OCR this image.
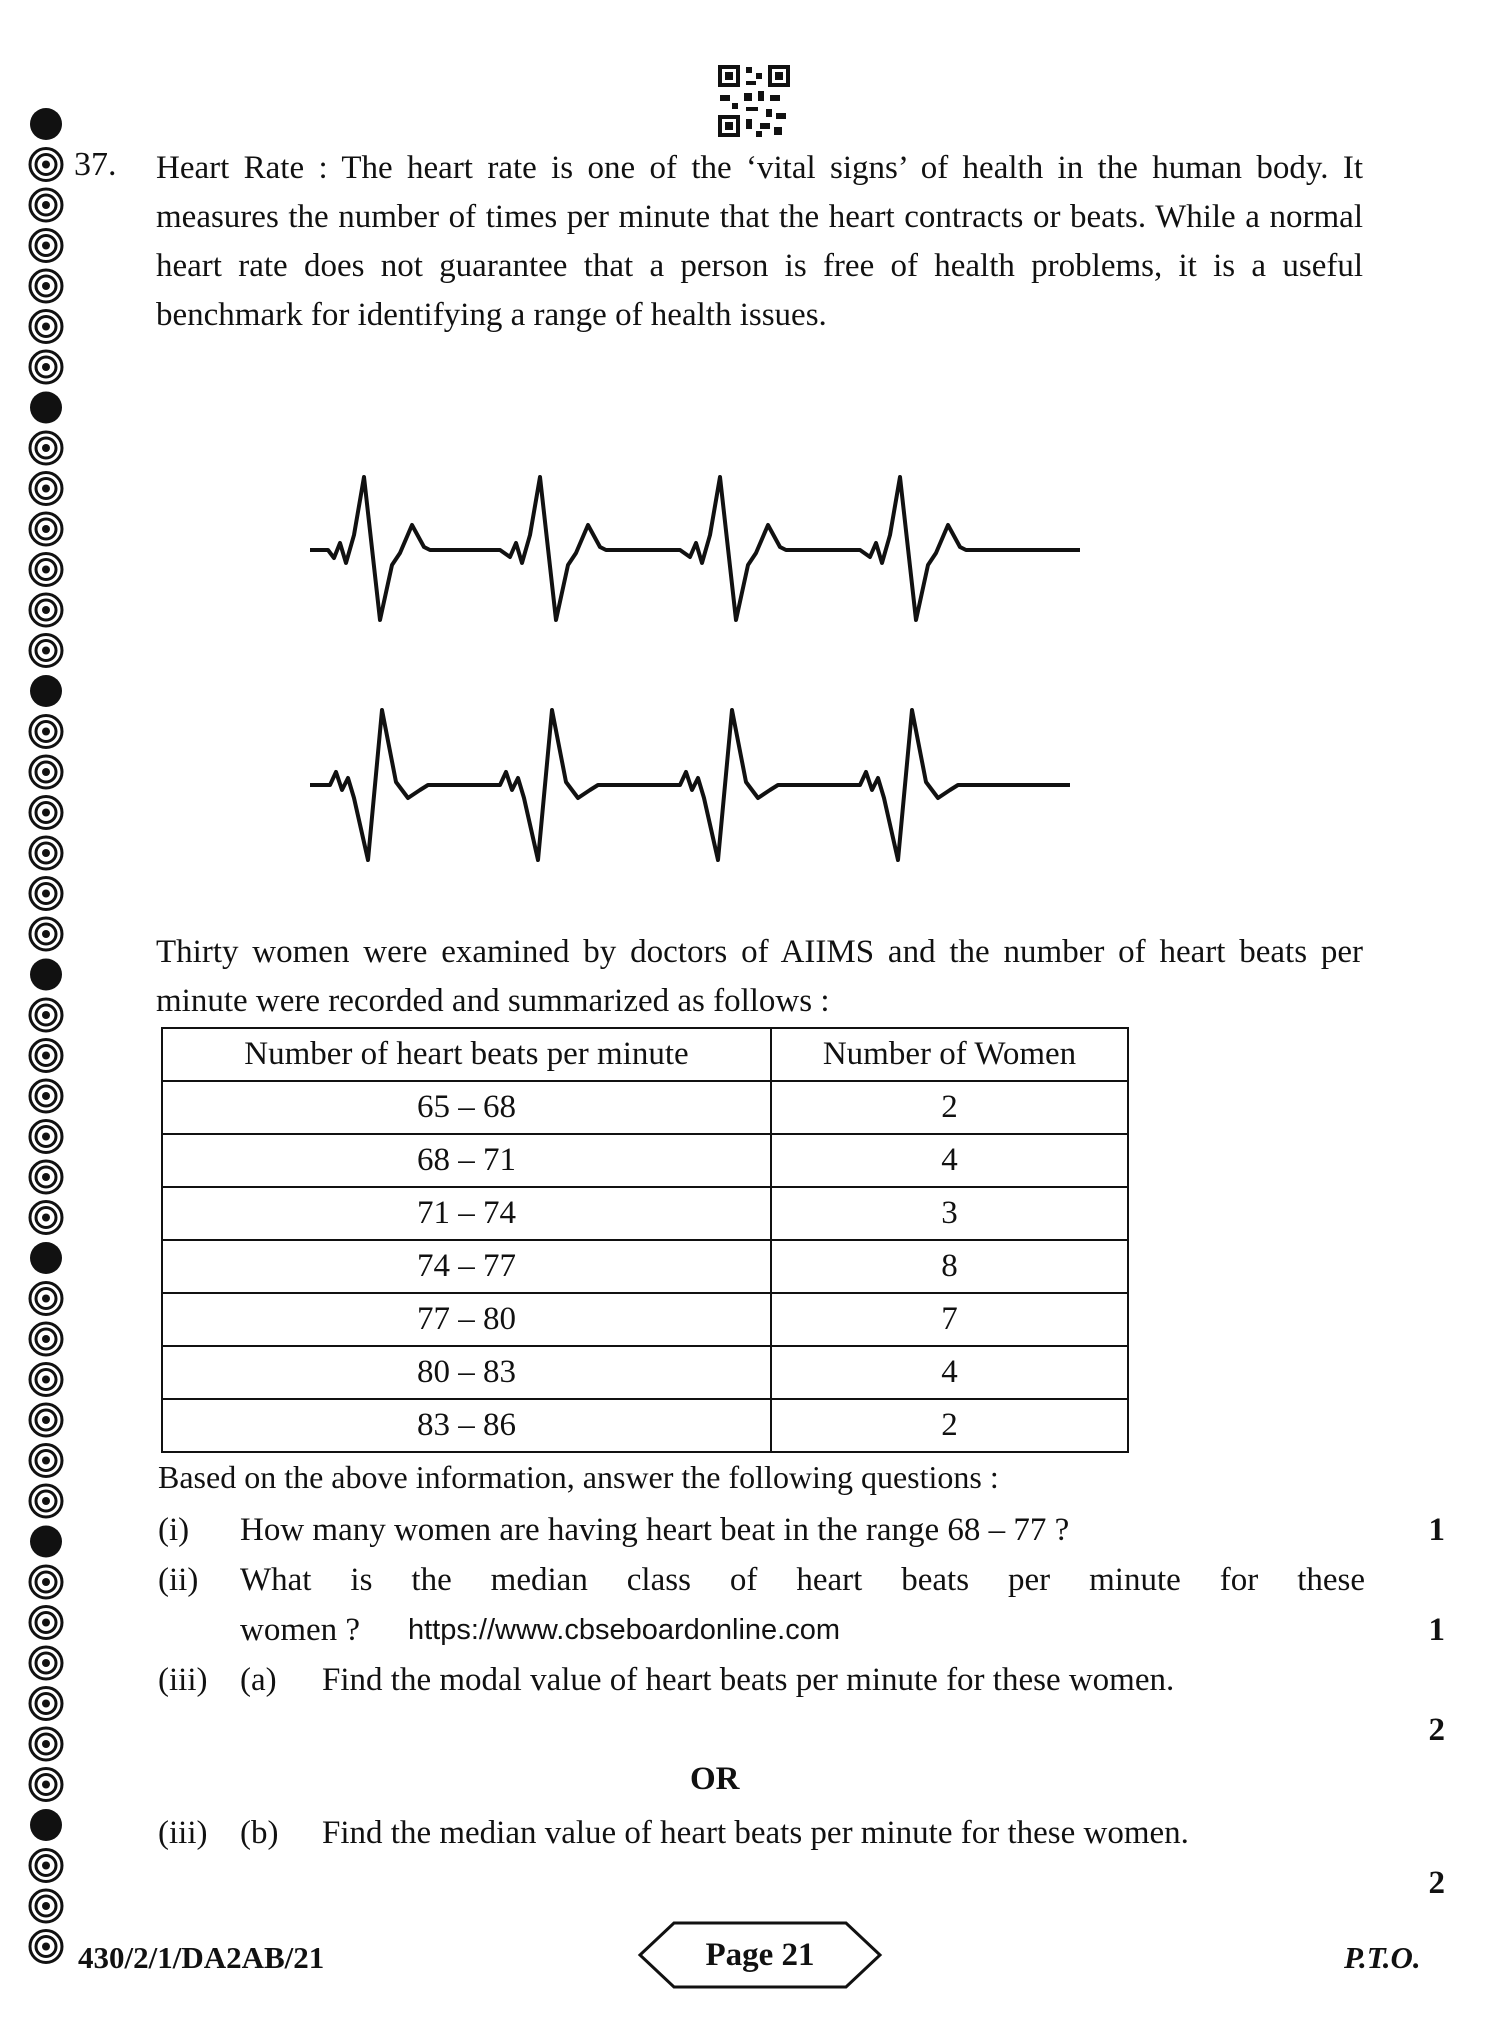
37. Heart Rate : The heart rate is one of the ‘vital signs’ of health in the human body. It measures the number of times per minute that the heart contracts or beats. While a normal heart rate does not guarantee that a person is free of health problems, it is a useful benchmark for identifying a range of health issues.

Thirty women were examined by doctors of AIIMS and the number of heart beats per minute were recorded and summarized as follows :

Number of heart beats per minute	Number of Women
65 – 68	2
68 – 71	4
71 – 74	3
74 – 77	8
77 – 80	7
80 – 83	4
83 – 86	2
Based on the above information, answer the following questions :
(i) How many women are having heart beat in the range 68 – 77 ?	1
(ii) What is the median class of heart beats per minute for these
women ?	https://www.cbseboardonline.com	1
(iii) (a) Find the modal value of heart beats per minute for these women.
2
OR
(iii) (b) Find the median value of heart beats per minute for these women.
2
430/2/1/DA2AB/21	Page 21	P.T.O.
